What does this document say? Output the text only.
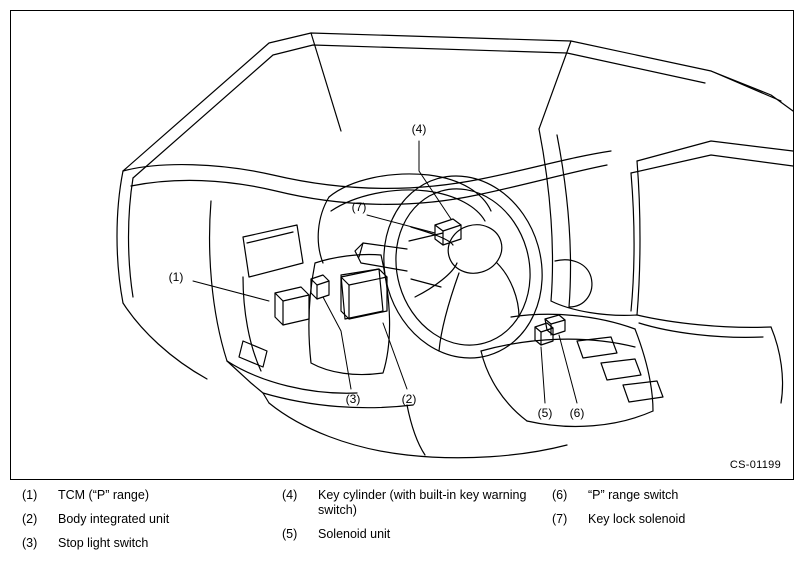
(1)
(2)
(3)
(4)
(5) (6)
(7)
CS-01199
(1)	TCM (“P” range)
(2)	Body integrated unit
(3)	Stop light switch
(4)	Key cylinder (with built-in key warning switch)
(5)	Solenoid unit
(6)	“P” range switch
(7)	Key lock solenoid
